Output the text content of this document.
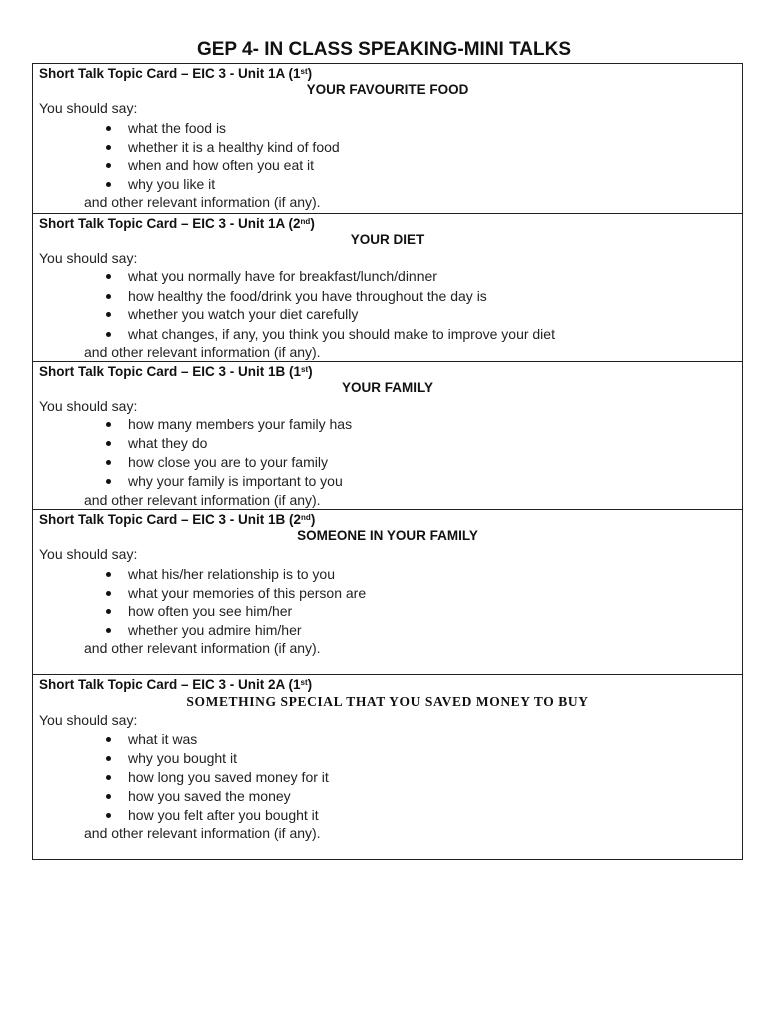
GEP 4- IN CLASS SPEAKING-MINI TALKS
Short Talk Topic Card – EIC 3 - Unit 1A (1st)
YOUR FAVOURITE FOOD
You should say:
what the food is
whether it is a healthy kind of food
when and how often you eat it
why you like it
and other relevant information (if any).
Short Talk Topic Card – EIC 3 - Unit 1A (2nd)
YOUR DIET
You should say:
what you normally have for breakfast/lunch/dinner
how healthy the food/drink you have throughout the day is
whether you watch your diet carefully
what changes, if any, you think you should make to improve your diet
and other relevant information (if any).
Short Talk Topic Card – EIC 3 - Unit 1B (1st)
YOUR FAMILY
You should say:
how many members your family has
what they do
how close you are to your family
why your family is important to you
and other relevant information (if any).
Short Talk Topic Card – EIC 3 - Unit 1B (2nd)
SOMEONE IN YOUR FAMILY
You should say:
what his/her relationship is to you
what your memories of this person are
how often you see him/her
whether you admire him/her
and other relevant information (if any).
Short Talk Topic Card – EIC 3 - Unit 2A (1st)
SOMETHING SPECIAL THAT YOU SAVED MONEY TO BUY
You should say:
what it was
why you bought it
how long you saved money for it
how you saved the money
how you felt after you bought it
and other relevant information (if any).
